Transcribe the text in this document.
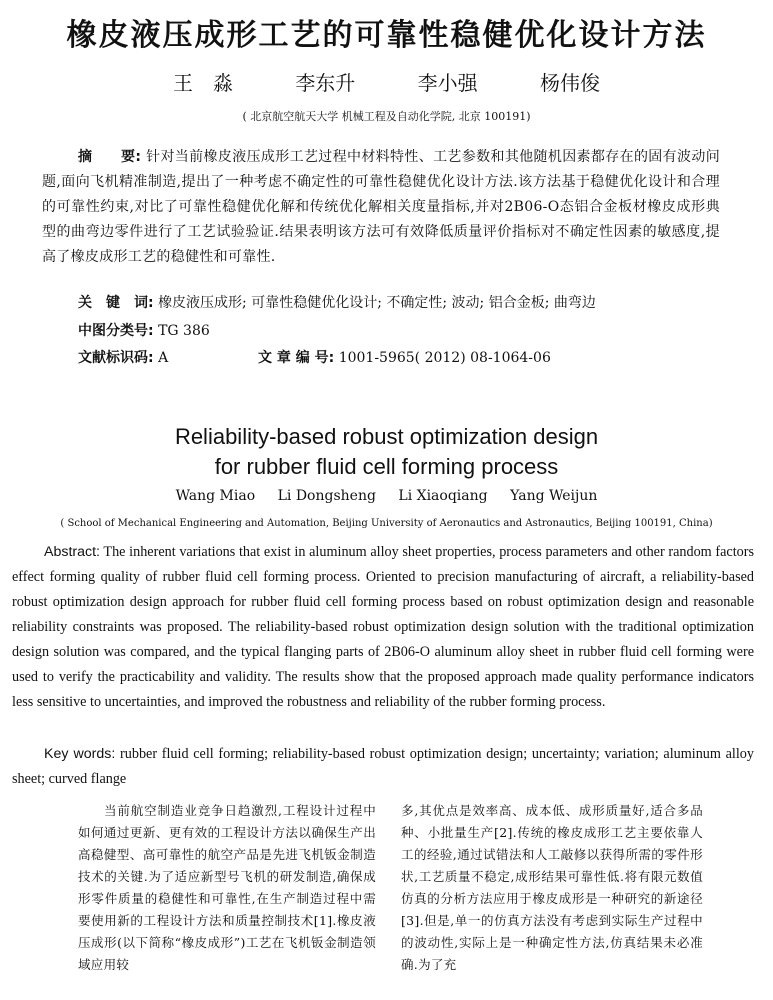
橡皮液压成形工艺的可靠性稳健优化设计方法
王　淼	李东升	李小强	杨伟俊
( 北京航空航天大学 机械工程及自动化学院, 北京 100191)
摘　　要: 针对当前橡皮液压成形工艺过程中材料特性、工艺参数和其他随机因素都存在的固有波动问题,面向飞机精准制造,提出了一种考虑不确定性的可靠性稳健优化设计方法.该方法基于稳健优化设计和合理的可靠性约束,对比了可靠性稳健优化解和传统优化解相关度量指标,并对2B06-O态铝合金板材橡皮成形典型的曲弯边零件进行了工艺试验验证.结果表明该方法可有效降低质量评价指标对不确定性因素的敏感度,提高了橡皮成形工艺的稳健性和可靠性.
关　键　词: 橡皮液压成形; 可靠性稳健优化设计; 不确定性; 波动; 铝合金板; 曲弯边
中图分类号: TG 386
文献标识码: A	文 章 编 号: 1001-5965( 2012) 08-1064-06
Reliability-based robust optimization design
for rubber fluid cell forming process
Wang Miao Li Dongsheng Li Xiaoqiang Yang Weijun
( School of Mechanical Engineering and Automation, Beijing University of Aeronautics and Astronautics, Beijing 100191, China)
Abstract: The inherent variations that exist in aluminum alloy sheet properties, process parameters and other random factors effect forming quality of rubber fluid cell forming process. Oriented to precision manufacturing of aircraft, a reliability-based robust optimization design approach for rubber fluid cell forming process based on robust optimization design and reasonable reliability constraints was proposed. The reliability-based robust optimization design solution with the traditional optimization design solution was compared, and the typical flanging parts of 2B06-O aluminum alloy sheet in rubber fluid cell forming were used to verify the practicability and validity. The results show that the proposed approach made quality performance indicators less sensitive to uncertainties, and improved the robustness and reliability of the rubber forming process.
Key words: rubber fluid cell forming; reliability-based robust optimization design; uncertainty; variation; aluminum alloy sheet; curved flange
当前航空制造业竞争日趋激烈,工程设计过程中如何通过更新、更有效的工程设计方法以确保生产出高稳健型、高可靠性的航空产品是先进飞机钣金制造技术的关键.为了适应新型号飞机的研发制造,确保成形零件质量的稳健性和可靠性,在生产制造过程中需要使用新的工程设计方法和质量控制技术[1].橡皮液压成形(以下简称“橡皮成形”)工艺在飞机钣金制造领域应用较
多,其优点是效率高、成本低、成形质量好,适合多品种、小批量生产[2].传统的橡皮成形工艺主要依靠人工的经验,通过试错法和人工敲修以获得所需的零件形状,工艺质量不稳定,成形结果可靠性低.将有限元数值仿真的分析方法应用于橡皮成形是一种研究的新途径[3].但是,单一的仿真方法没有考虑到实际生产过程中的波动性,实际上是一种确定性方法,仿真结果未必准确.为了充
